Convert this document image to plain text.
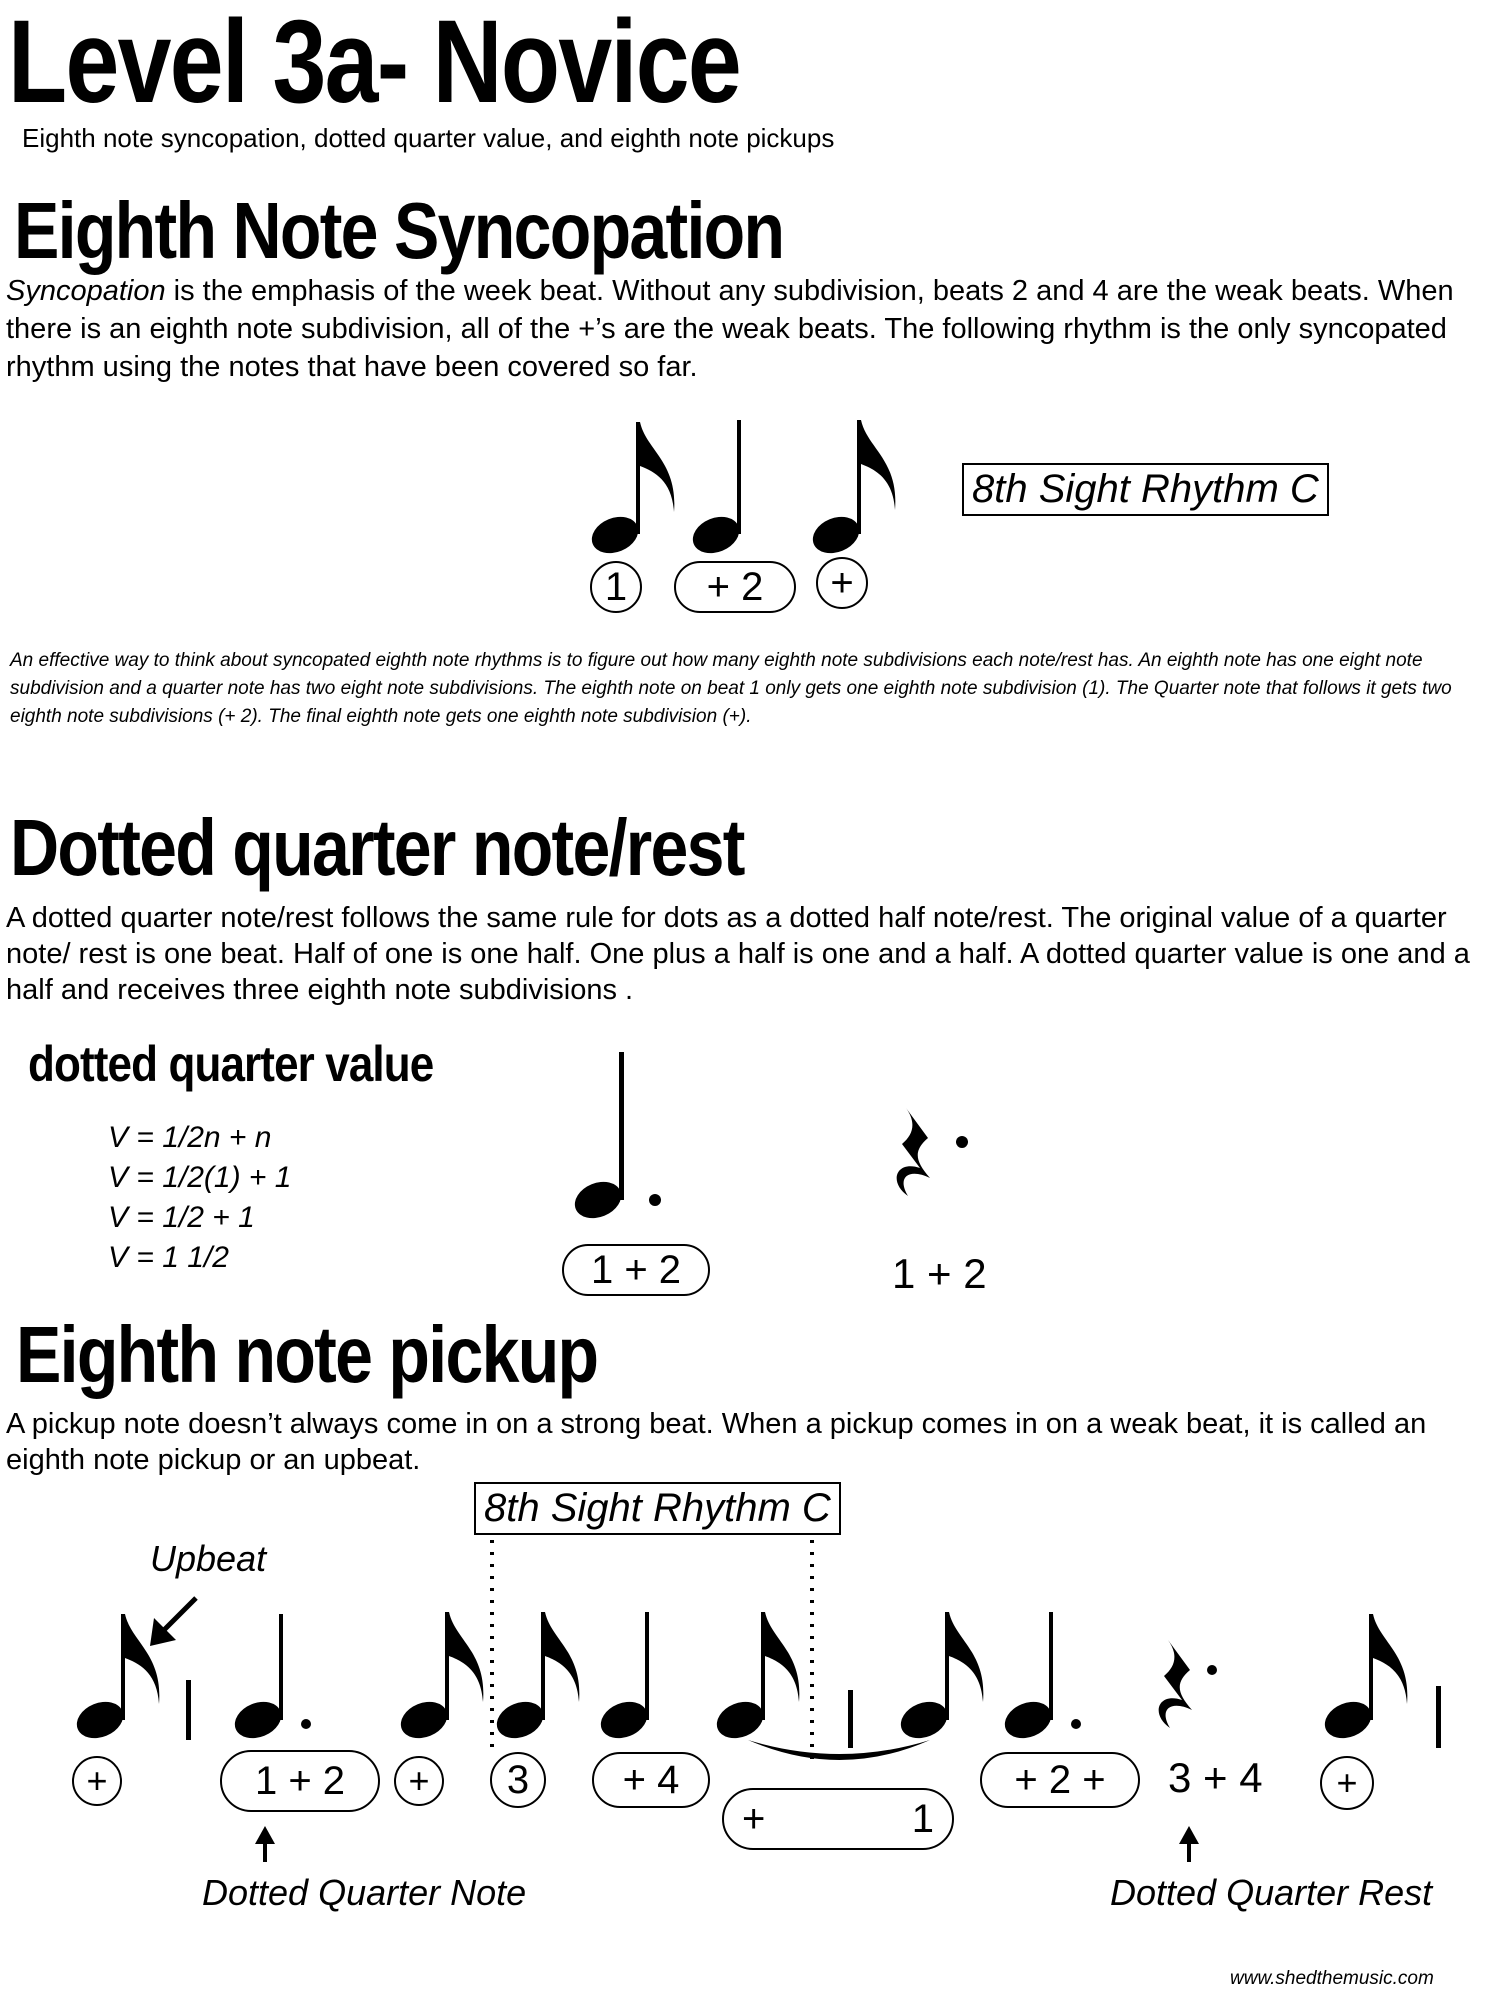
Level 3a- Novice
Eighth note syncopation, dotted quarter value, and eighth note pickups
Eighth Note Syncopation
Syncopation is the emphasis of the week beat. Without any subdivision, beats 2 and 4 are the weak beats. When there is an eighth note subdivision, all of the +’s are the weak beats. The following rhythm is the only syncopated rhythm using the notes that have been covered so far.
8th Sight Rhythm C
1	+ 2	+
An effective way to think about syncopated eighth note rhythms is to figure out how many eighth note subdivisions each note/rest has. An eighth note has one eight note subdivision and a quarter note has two eight note subdivisions. The eighth note on beat 1 only gets one eighth note subdivision (1). The Quarter note that follows it gets two eighth note subdivisions (+ 2). The final eighth note gets one eighth note subdivision (+).
Dotted quarter note/rest
A dotted quarter note/rest follows the same rule for dots as a dotted half note/rest. The original value of a quarter note/ rest is one beat. Half of one is one half. One plus a half is one and a half. A dotted quarter value is one and a half and receives three eighth note subdivisions .
dotted quarter value
V = 1/2n + n
V = 1/2(1) + 1
V = 1/2 + 1
V = 1 1/2	1 + 2	1 + 2
Eighth note pickup
A pickup note doesn’t always come in on a strong beat. When a pickup comes in on a weak beat, it is called an eighth note pickup or an upbeat.
8th Sight Rhythm C
Upbeat
+	1 + 2	+	3	+ 4
+	1
+ 2 +	3 + 4	+
Dotted Quarter Note	Dotted Quarter Rest
www.shedthemusic.com
